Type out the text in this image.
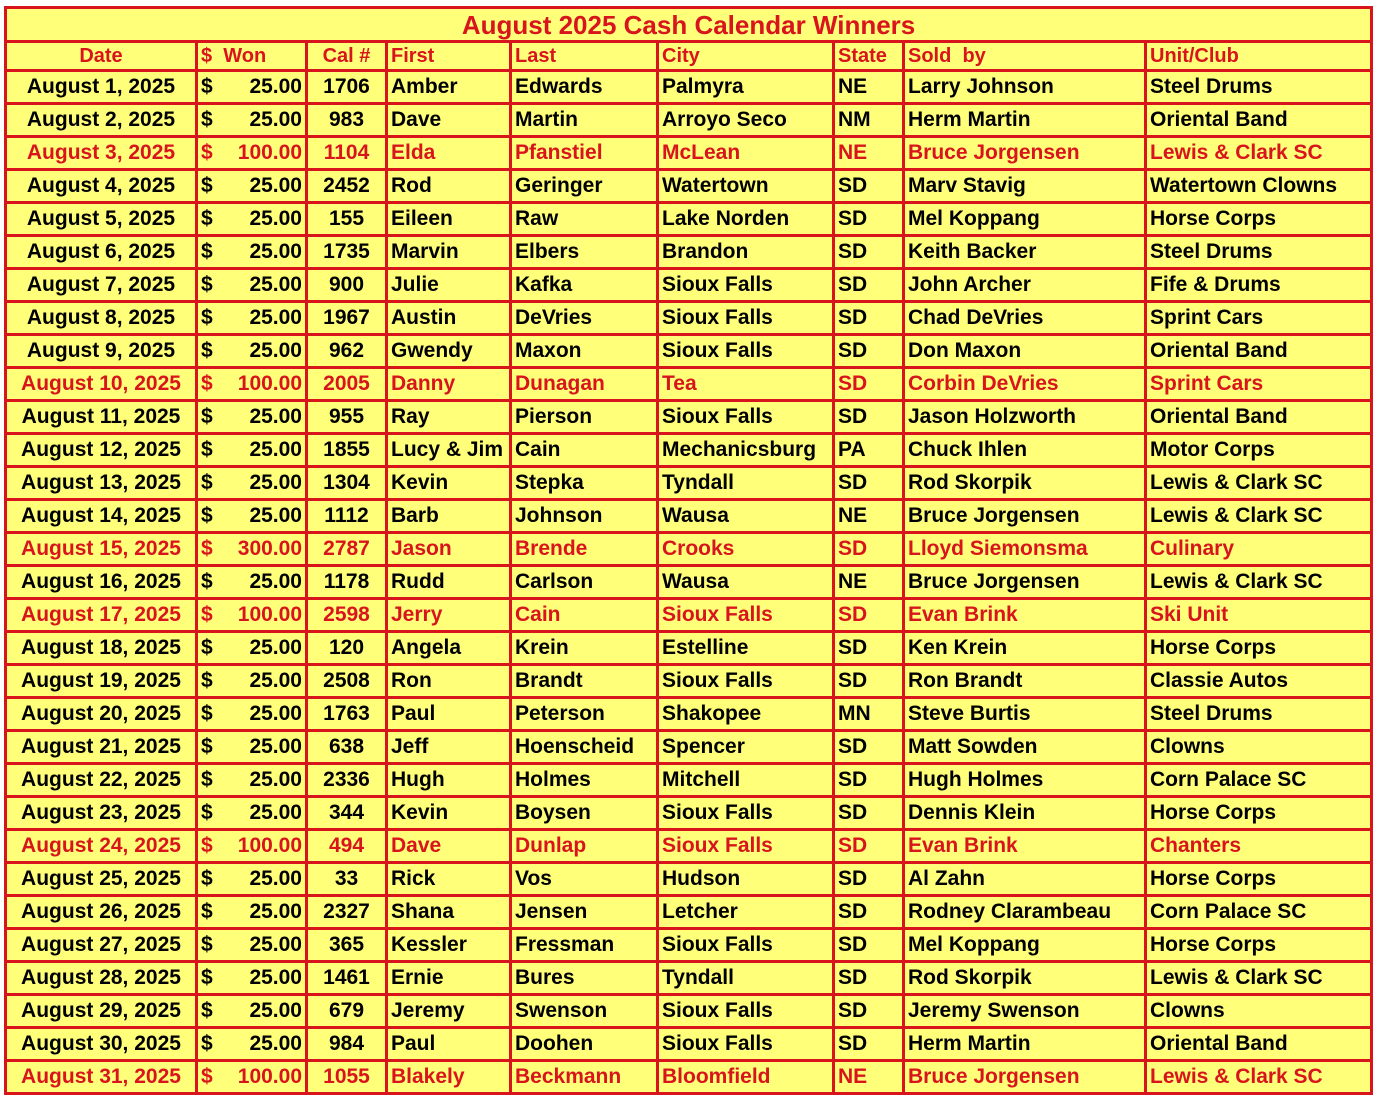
August 2025 Cash Calendar Winners								
Date	$  Won	Cal #	First	Last	City	State	Sold  by	Unit/Club
August 1, 2025	$ 25.00	1706	Amber	Edwards	Palmyra	NE	Larry Johnson	Steel Drums
August 2, 2025	$ 25.00	983	Dave	Martin	Arroyo Seco	NM	Herm Martin	Oriental Band
August 3, 2025	$ 100.00	1104	Elda	Pfanstiel	McLean	NE	Bruce Jorgensen	Lewis & Clark SC
August 4, 2025	$ 25.00	2452	Rod	Geringer	Watertown	SD	Marv Stavig	Watertown Clowns
August 5, 2025	$ 25.00	155	Eileen	Raw	Lake Norden	SD	Mel Koppang	Horse Corps
August 6, 2025	$ 25.00	1735	Marvin	Elbers	Brandon	SD	Keith Backer	Steel Drums
August 7, 2025	$ 25.00	900	Julie	Kafka	Sioux Falls	SD	John Archer	Fife & Drums
August 8, 2025	$ 25.00	1967	Austin	DeVries	Sioux Falls	SD	Chad DeVries	Sprint Cars
August 9, 2025	$ 25.00	962	Gwendy	Maxon	Sioux Falls	SD	Don Maxon	Oriental Band
August 10, 2025	$ 100.00	2005	Danny	Dunagan	Tea	SD	Corbin DeVries	Sprint Cars
August 11, 2025	$ 25.00	955	Ray	Pierson	Sioux Falls	SD	Jason Holzworth	Oriental Band
August 12, 2025	$ 25.00	1855	Lucy & Jim	Cain	Mechanicsburg	PA	Chuck Ihlen	Motor Corps
August 13, 2025	$ 25.00	1304	Kevin	Stepka	Tyndall	SD	Rod Skorpik	Lewis & Clark SC
August 14, 2025	$ 25.00	1112	Barb	Johnson	Wausa	NE	Bruce Jorgensen	Lewis & Clark SC
August 15, 2025	$ 300.00	2787	Jason	Brende	Crooks	SD	Lloyd Siemonsma	Culinary
August 16, 2025	$ 25.00	1178	Rudd	Carlson	Wausa	NE	Bruce Jorgensen	Lewis & Clark SC
August 17, 2025	$ 100.00	2598	Jerry	Cain	Sioux Falls	SD	Evan Brink	Ski Unit
August 18, 2025	$ 25.00	120	Angela	Krein	Estelline	SD	Ken Krein	Horse Corps
August 19, 2025	$ 25.00	2508	Ron	Brandt	Sioux Falls	SD	Ron Brandt	Classie Autos
August 20, 2025	$ 25.00	1763	Paul	Peterson	Shakopee	MN	Steve Burtis	Steel Drums
August 21, 2025	$ 25.00	638	Jeff	Hoenscheid	Spencer	SD	Matt Sowden	Clowns
August 22, 2025	$ 25.00	2336	Hugh	Holmes	Mitchell	SD	Hugh Holmes	Corn Palace SC
August 23, 2025	$ 25.00	344	Kevin	Boysen	Sioux Falls	SD	Dennis Klein	Horse Corps
August 24, 2025	$ 100.00	494	Dave	Dunlap	Sioux Falls	SD	Evan Brink	Chanters
August 25, 2025	$ 25.00	33	Rick	Vos	Hudson	SD	Al Zahn	Horse Corps
August 26, 2025	$ 25.00	2327	Shana	Jensen	Letcher	SD	Rodney Clarambeau	Corn Palace SC
August 27, 2025	$ 25.00	365	Kessler	Fressman	Sioux Falls	SD	Mel Koppang	Horse Corps
August 28, 2025	$ 25.00	1461	Ernie	Bures	Tyndall	SD	Rod Skorpik	Lewis & Clark SC
August 29, 2025	$ 25.00	679	Jeremy	Swenson	Sioux Falls	SD	Jeremy Swenson	Clowns
August 30, 2025	$ 25.00	984	Paul	Doohen	Sioux Falls	SD	Herm Martin	Oriental Band
August 31, 2025	$ 100.00	1055	Blakely	Beckmann	Bloomfield	NE	Bruce Jorgensen	Lewis & Clark SC
